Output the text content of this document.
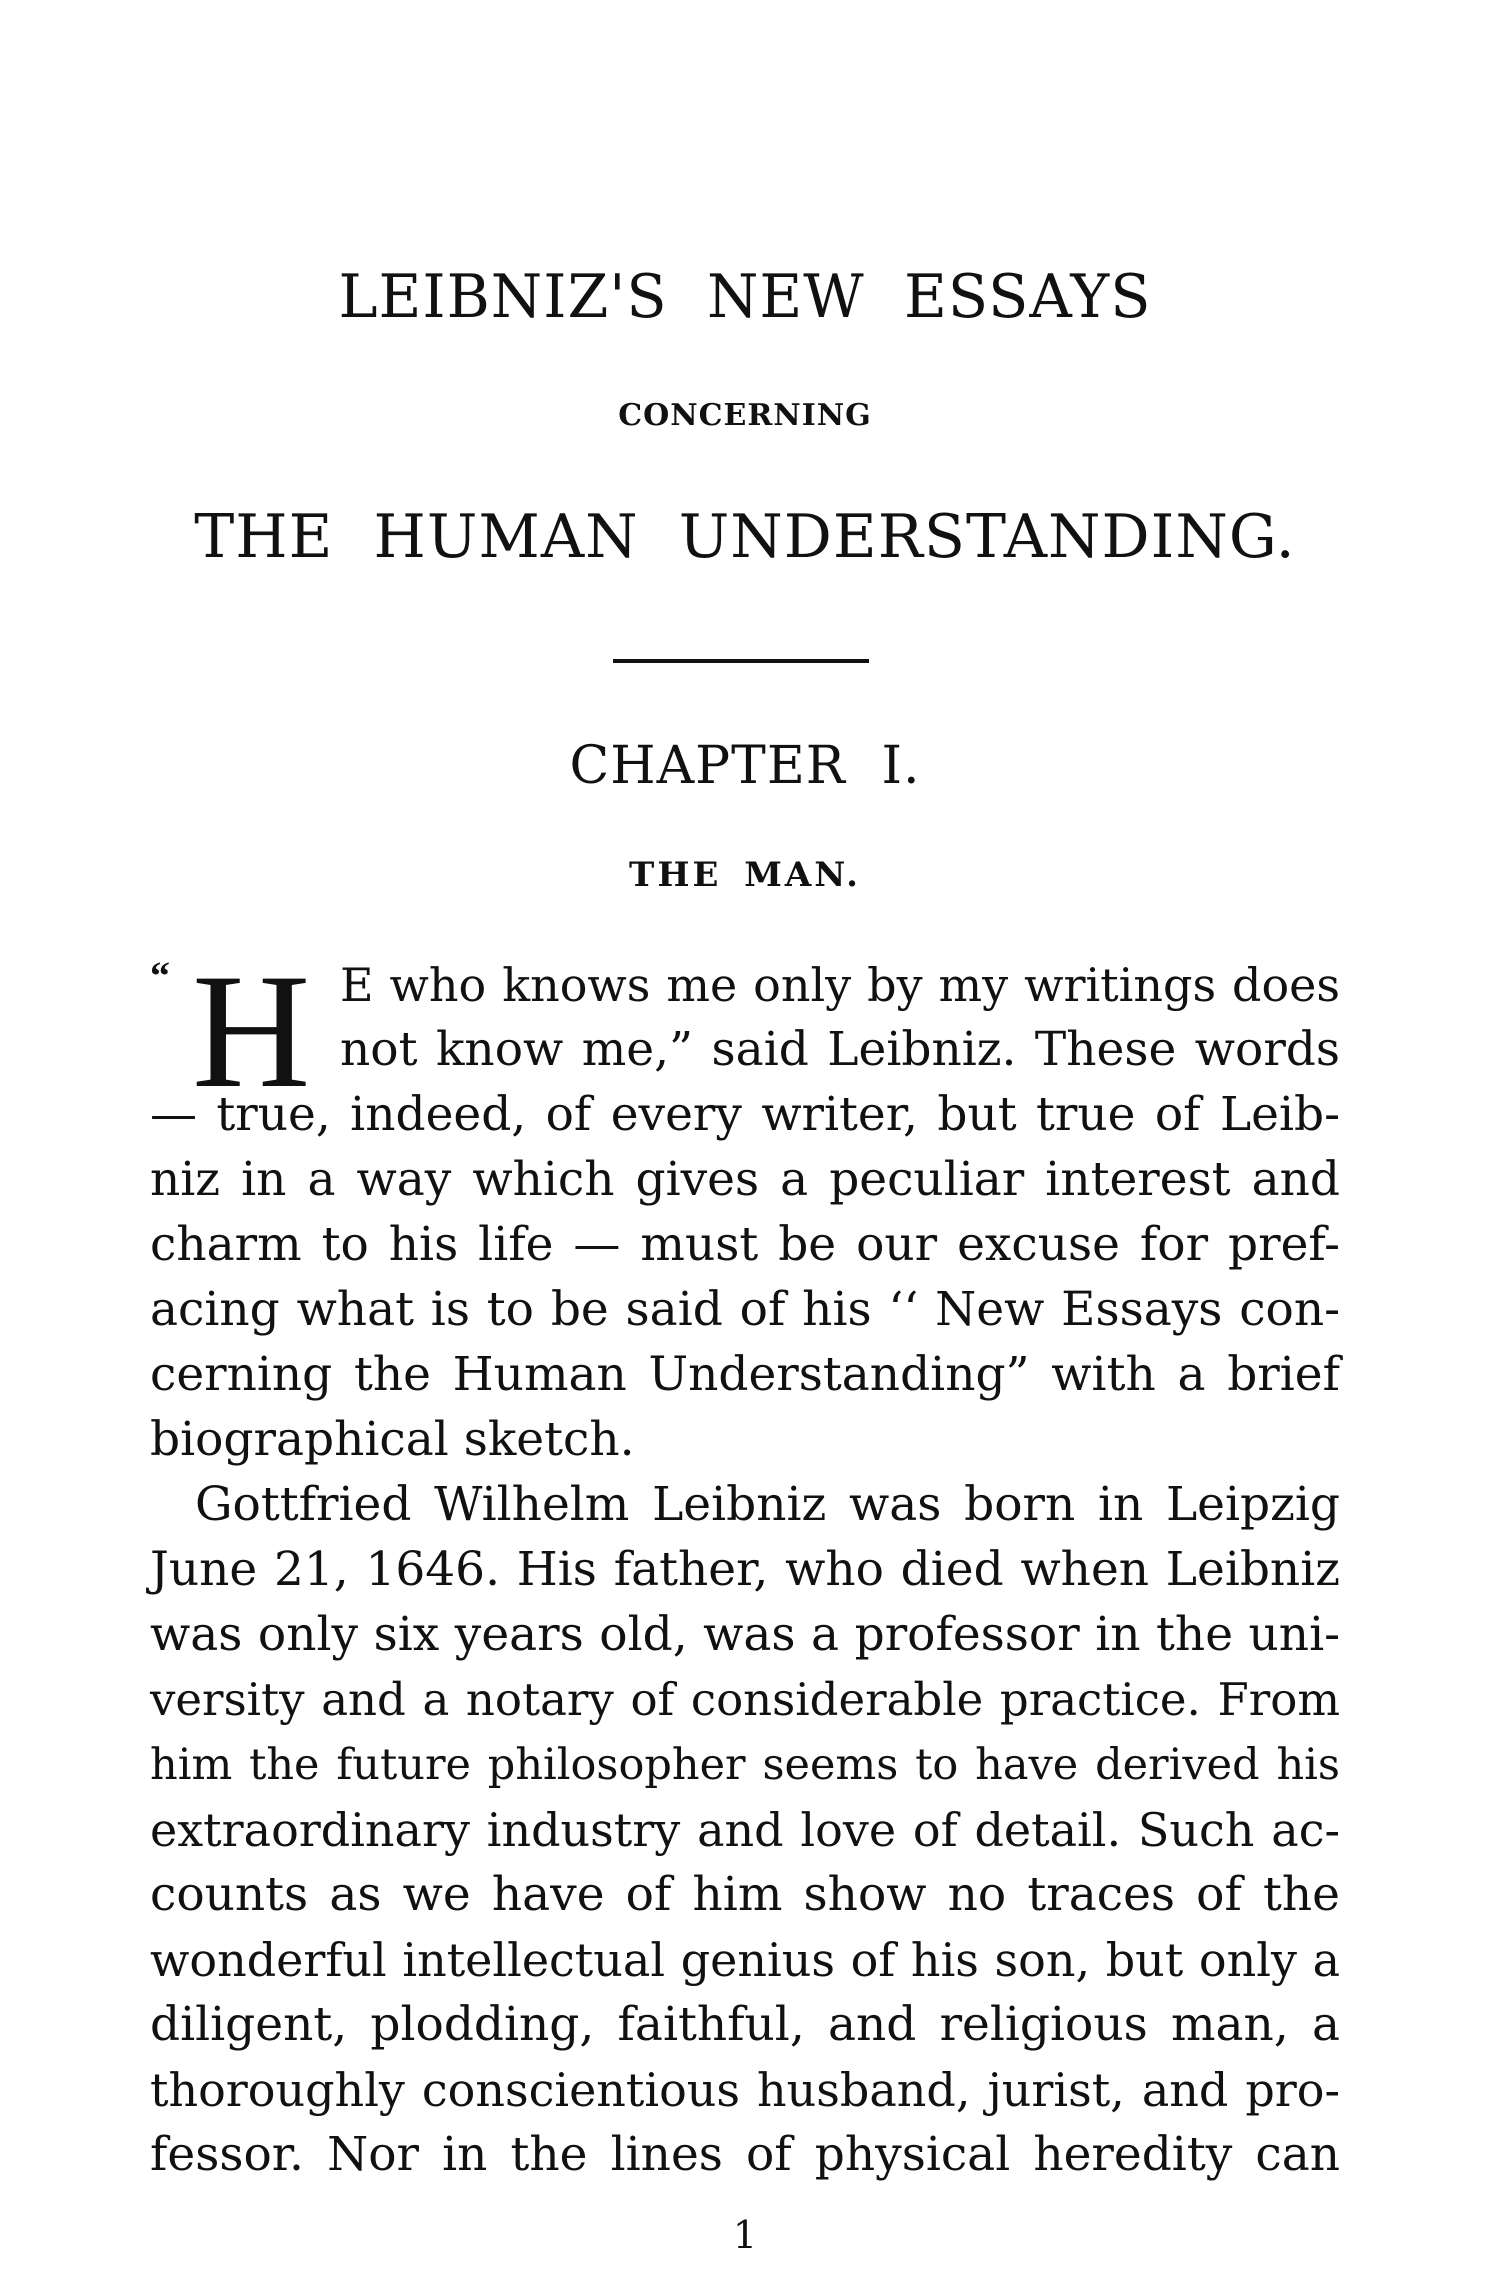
LEIBNIZ'S NEW ESSAYS
CONCERNING
THE HUMAN UNDERSTANDING.
CHAPTER I.
THE MAN.
“ H E who knows me only by my writings does
not know me,” said Leibniz. These words
— true, indeed, of every writer, but true of Leib-
niz in a way which gives a peculiar interest and
charm to his life — must be our excuse for pref-
acing what is to be said of his ‘‘ New Essays con-
cerning the Human Understanding” with a brief
biographical sketch.
Gottfried Wilhelm Leibniz was born in Leipzig
June 21, 1646. His father, who died when Leibniz
was only six years old, was a professor in the uni-
versity and a notary of considerable practice. From
him the future philosopher seems to have derived his
extraordinary industry and love of detail. Such ac-
counts as we have of him show no traces of the
wonderful intellectual genius of his son, but only a
diligent, plodding, faithful, and religious man, a
thoroughly conscientious husband, jurist, and pro-
fessor. Nor in the lines of physical heredity can
1
